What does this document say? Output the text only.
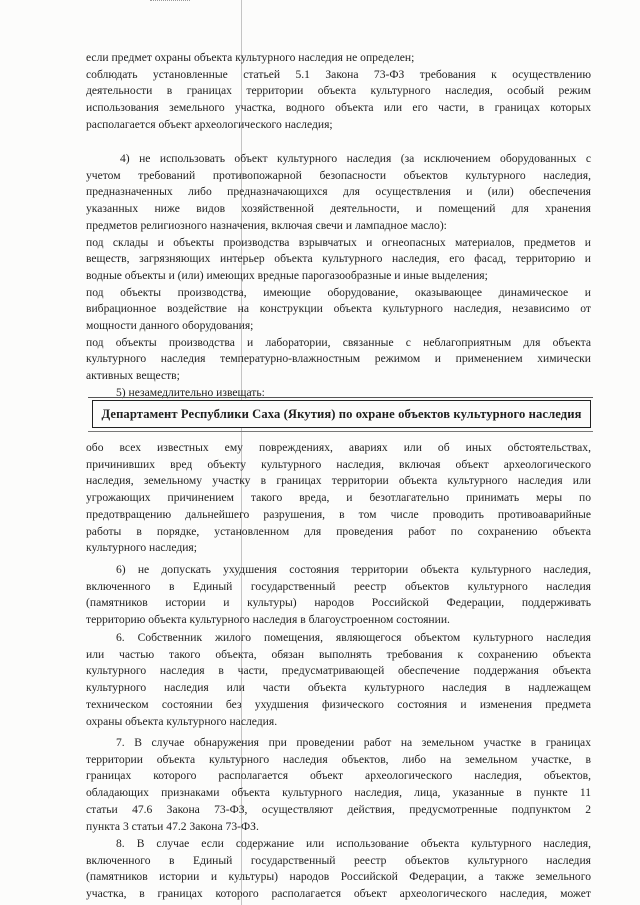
если предмет охраны объекта культурного наследия не определен;
соблюдать установленные статьей 5.1 Закона 73-ФЗ требования к осуществлению
деятельности в границах территории объекта культурного наследия, особый режим
использования земельного участка, водного объекта или его части, в границах которых
располагается объект археологического наследия;
4) не использовать объект культурного наследия (за исключением оборудованных с
учетом требований противопожарной безопасности объектов культурного наследия,
предназначенных либо предназначающихся для осуществления и (или) обеспечения
указанных ниже видов хозяйственной деятельности, и помещений для хранения
предметов религиозного назначения, включая свечи и лампадное масло):
под склады и объекты производства взрывчатых и огнеопасных материалов, предметов и
веществ, загрязняющих интерьер объекта культурного наследия, его фасад, территорию и
водные объекты и (или) имеющих вредные парогазообразные и иные выделения;
под объекты производства, имеющие оборудование, оказывающее динамическое и
вибрационное воздействие на конструкции объекта культурного наследия, независимо от
мощности данного оборудования;
под объекты производства и лаборатории, связанные с неблагоприятным для объекта
культурного наследия температурно-влажностным режимом и применением химически
активных веществ;
5) незамедлительно извещать:
Департамент Республики Саха (Якутия) по охране объектов культурного наследия
обо всех известных ему повреждениях, авариях или об иных обстоятельствах,
причинивших вред объекту культурного наследия, включая объект археологического
наследия, земельному участку в границах территории объекта культурного наследия или
угрожающих причинением такого вреда, и безотлагательно принимать меры по
предотвращению дальнейшего разрушения, в том числе проводить противоаварийные
работы в порядке, установленном для проведения работ по сохранению объекта
культурного наследия;
6) не допускать ухудшения состояния территории объекта культурного наследия,
включенного в Единый государственный реестр объектов культурного наследия
(памятников истории и культуры) народов Российской Федерации, поддерживать
территорию объекта культурного наследия в благоустроенном состоянии.
6. Собственник жилого помещения, являющегося объектом культурного наследия
или частью такого объекта, обязан выполнять требования к сохранению объекта
культурного наследия в части, предусматривающей обеспечение поддержания объекта
культурного наследия или части объекта культурного наследия в надлежащем
техническом состоянии без ухудшения физического состояния и изменения предмета
охраны объекта культурного наследия.
7. В случае обнаружения при проведении работ на земельном участке в границах
территории объекта культурного наследия объектов, либо на земельном участке, в
границах которого располагается объект археологического наследия, объектов,
обладающих признаками объекта культурного наследия, лица, указанные в пункте 11
статьи 47.6 Закона 73-ФЗ, осуществляют действия, предусмотренные подпунктом 2
пункта 3 статьи 47.2 Закона 73-ФЗ.
8. В случае если содержание или использование объекта культурного наследия,
включенного в Единый государственный реестр объектов культурного наследия
(памятников истории и культуры) народов Российской Федерации, а также земельного
участка, в границах которого располагается объект археологического наследия, может
